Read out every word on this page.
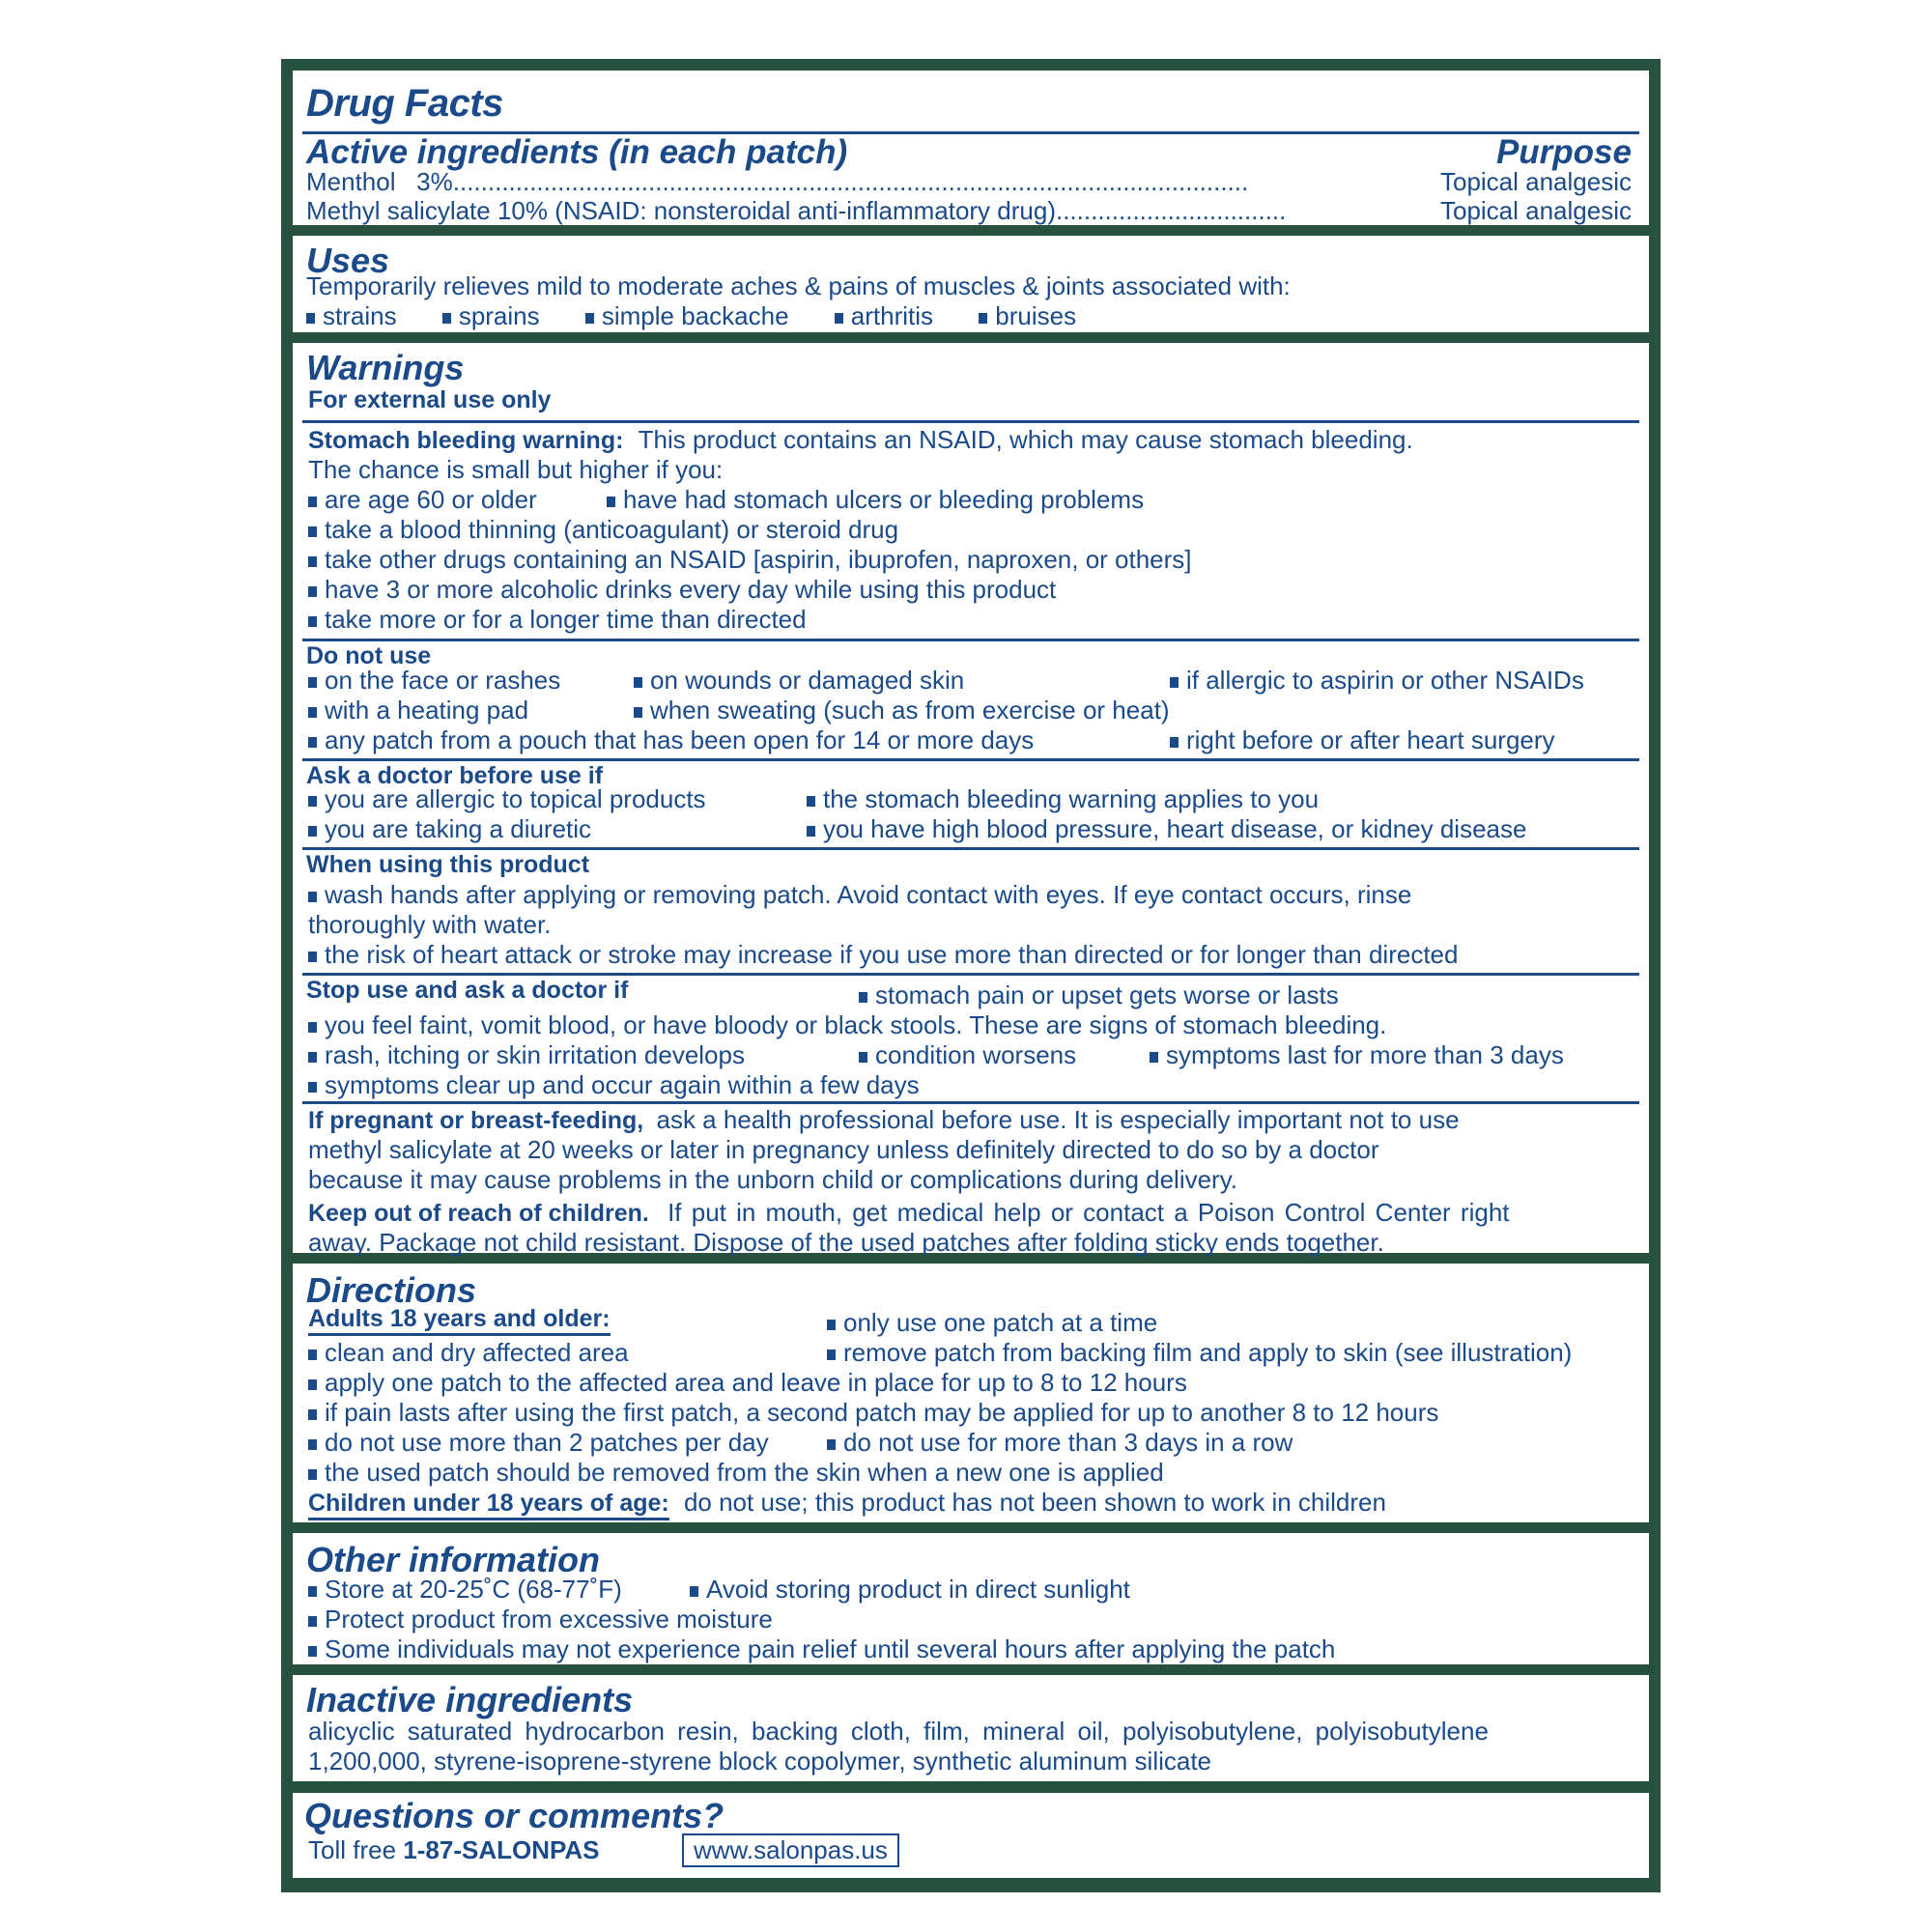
Drug Facts
Active ingredients (in each patch)	Purpose
Menthol   3% ..................................................................................................................	Topical analgesic
Methyl salicylate 10% (NSAID: nonsteroidal anti-inflammatory drug) .................................	Topical analgesic
Uses
Temporarily relieves mild to moderate aches & pains of muscles & joints associated with:
strains sprains simple backache arthritis bruises
Warnings
For external use only
Stomach bleeding warning: This product contains an NSAID, which may cause stomach bleeding.
The chance is small but higher if you:
are age 60 or older	have had stomach ulcers or bleeding problems
take a blood thinning (anticoagulant) or steroid drug
take other drugs containing an NSAID [aspirin, ibuprofen, naproxen, or others]
have 3 or more alcoholic drinks every day while using this product
take more or for a longer time than directed
Do not use
on the face or rashes	on wounds or damaged skin	if allergic to aspirin or other NSAIDs
with a heating pad	when sweating (such as from exercise or heat)
any patch from a pouch that has been open for 14 or more days	right before or after heart surgery
Ask a doctor before use if
you are allergic to topical products	the stomach bleeding warning applies to you
you are taking a diuretic	you have high blood pressure, heart disease, or kidney disease
When using this product
wash hands after applying or removing patch. Avoid contact with eyes. If eye contact occurs, rinse
thoroughly with water.
the risk of heart attack or stroke may increase if you use more than directed or for longer than directed
Stop use and ask a doctor if	stomach pain or upset gets worse or lasts
you feel faint, vomit blood, or have bloody or black stools. These are signs of stomach bleeding.
rash, itching or skin irritation develops	condition worsens	symptoms last for more than 3 days
symptoms clear up and occur again within a few days
If pregnant or breast-feeding, ask a health professional before use. It is especially important not to use
methyl salicylate at 20 weeks or later in pregnancy unless definitely directed to do so by a doctor
because it may cause problems in the unborn child or complications during delivery.
Keep out of reach of children. If put in mouth, get medical help or contact a Poison Control Center right
away. Package not child resistant. Dispose of the used patches after folding sticky ends together.
Directions
Adults 18 years and older:	only use one patch at a time
clean and dry affected area	remove patch from backing film and apply to skin (see illustration)
apply one patch to the affected area and leave in place for up to 8 to 12 hours
if pain lasts after using the first patch, a second patch may be applied for up to another 8 to 12 hours
do not use more than 2 patches per day	do not use for more than 3 days in a row
the used patch should be removed from the skin when a new one is applied
Children under 18 years of age: do not use; this product has not been shown to work in children
Other information
Store at 20-25˚C (68-77˚F)	Avoid storing product in direct sunlight
Protect product from excessive moisture
Some individuals may not experience pain relief until several hours after applying the patch
Inactive ingredients
alicyclic saturated hydrocarbon resin, backing cloth, film, mineral oil, polyisobutylene, polyisobutylene
1,200,000, styrene-isoprene-styrene block copolymer, synthetic aluminum silicate
Questions or comments?
Toll free 1-87-SALONPAS	www.salonpas.us
